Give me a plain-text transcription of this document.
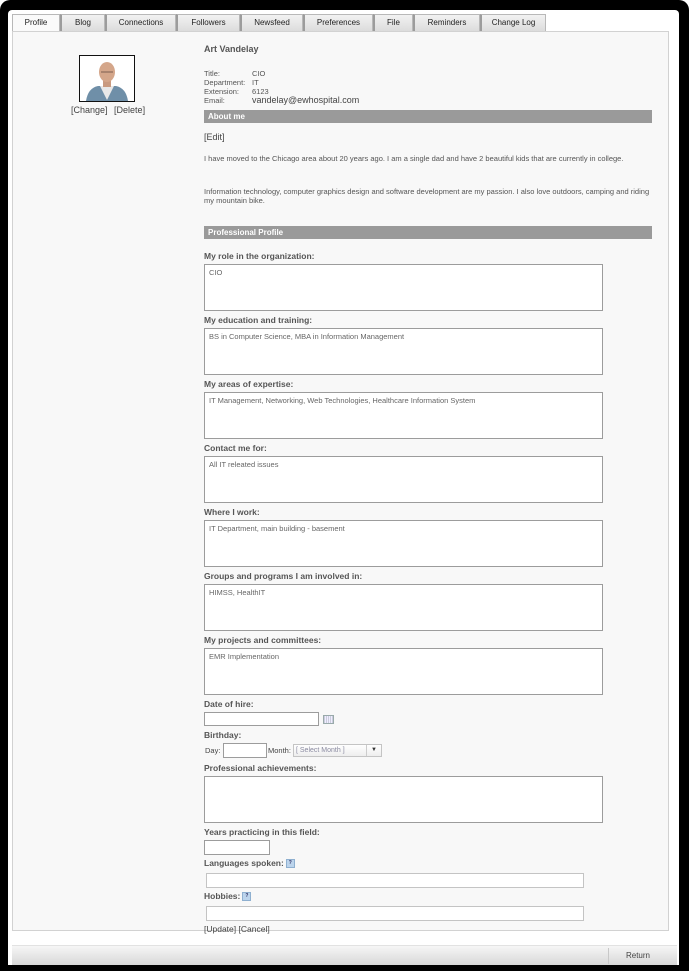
Profile	Blog	Connections	Followers	Newsfeed	Preferences	File	Reminders	Change Log
[Change] [Delete]
Art Vandelay
Title:	CIO
Department: IT
Extension:	6123
Email:	vandelay@ewhospital.com
About me
[Edit]
I have moved to the Chicago area about 20 years ago. I am a single dad and have 2 beautiful kids that are currently in college.
Information technology, computer graphics design and software development are my passion. I also love outdoors, camping and riding my mountain bike.
Professional Profile
My role in the organization:
CIO
My education and training:
BS in Computer Science, MBA in Information Management
My areas of expertise:
IT Management, Networking, Web Technologies, Healthcare Information System
Contact me for:
All IT releated issues
Where I work:
IT Department, main building - basement
Groups and programs I am involved in:
HIMSS, HealthIT
My projects and committees:
EMR Implementation
Date of hire:
Birthday:
Day:	Month: [ Select Month ]	▼
Professional achievements:
Years practicing in this field:
Languages spoken: ?
Hobbies: ?
[Update] [Cancel]
Return
